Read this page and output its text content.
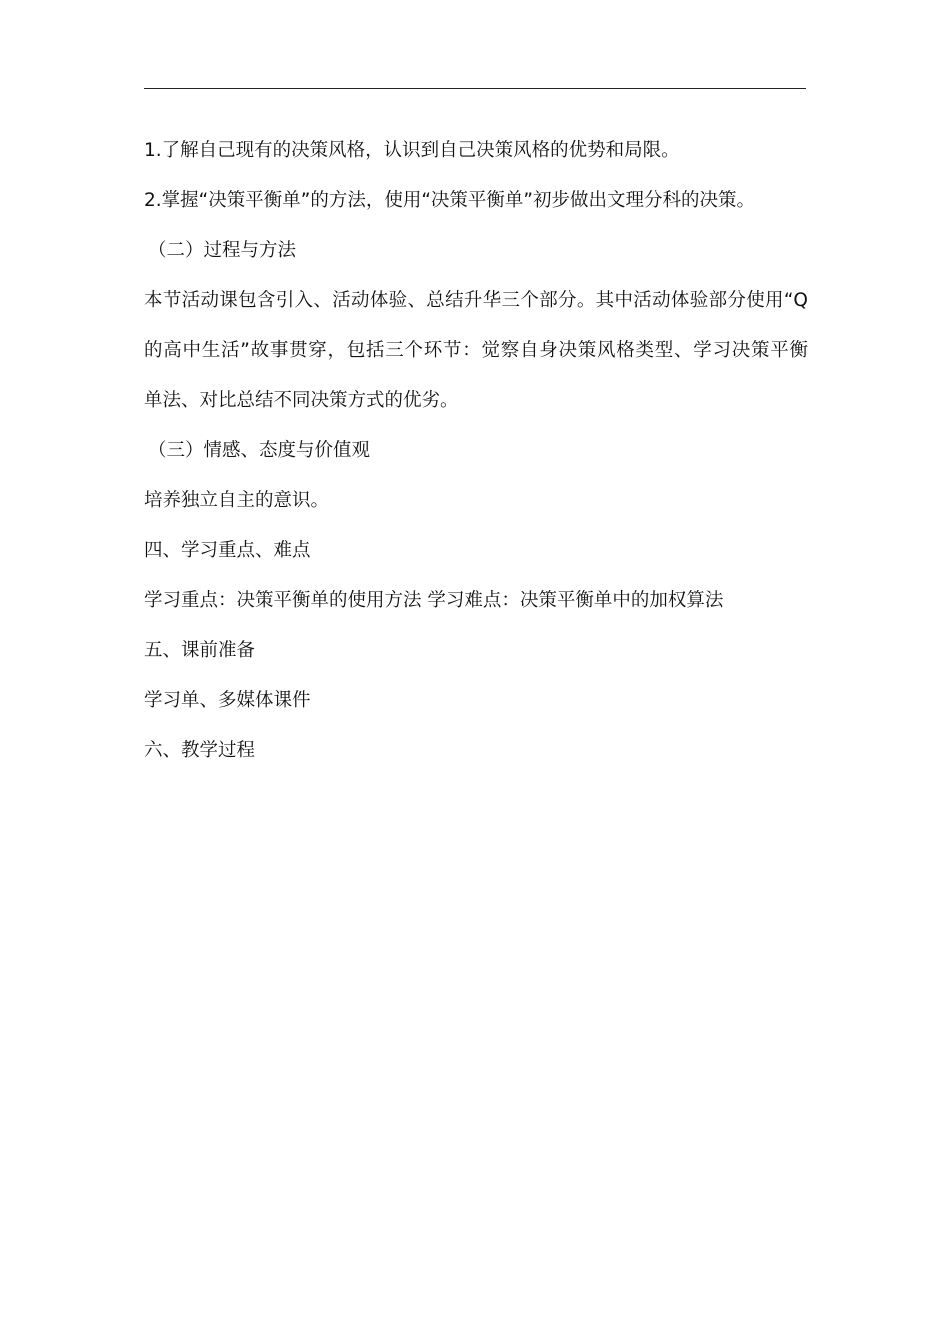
1.了解自己现有的决策风格，认识到自己决策风格的优势和局限。
2.掌握“决策平衡单”的方法，使用“决策平衡单”初步做出文理分科的决策。
（二）过程与方法
本节活动课包含引入、活动体验、总结升华三个部分。其中活动体验部分使用“Q
的高中生活”故事贯穿，包括三个环节：觉察自身决策风格类型、学习决策平衡
单法、对比总结不同决策方式的优劣。
（三）情感、态度与价值观
培养独立自主的意识。
四、学习重点、难点
学习重点：决策平衡单的使用方法 学习难点：决策平衡单中的加权算法
五、课前准备
学习单、多媒体课件
六、教学过程
